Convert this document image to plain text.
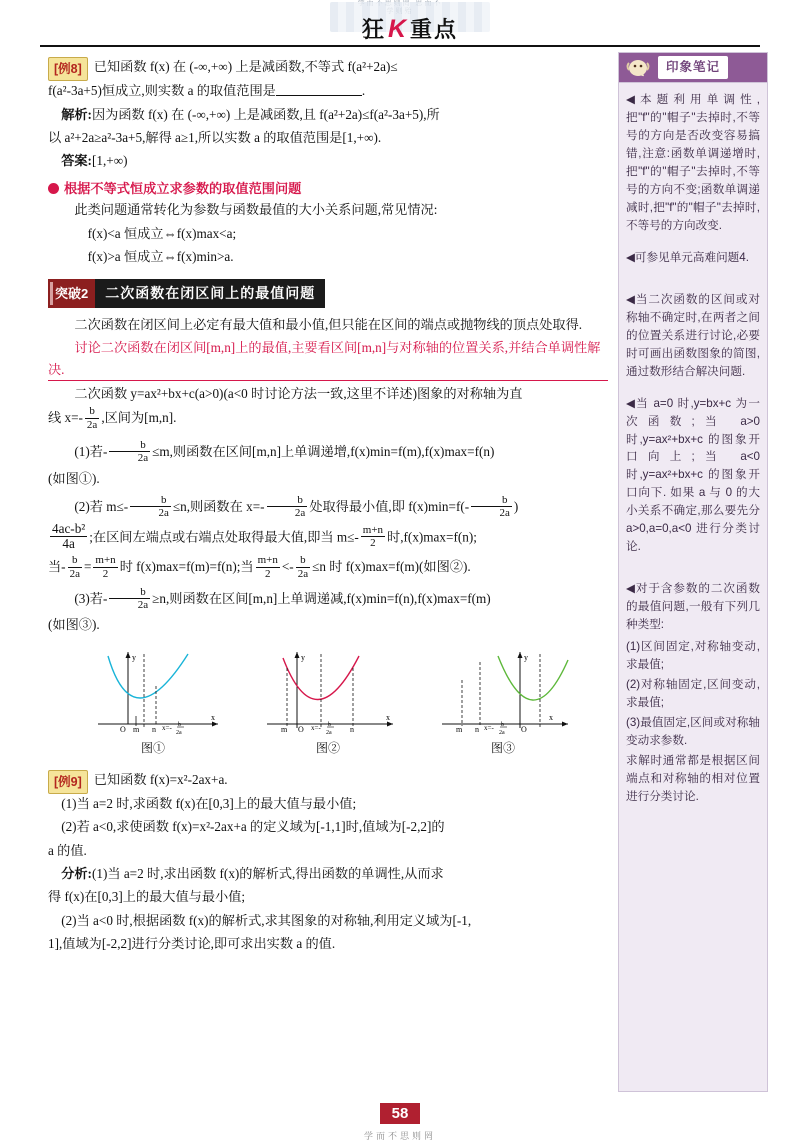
狂K重点
[例8] 已知函数 f(x) 在 (-∞,+∞) 上是减函数,不等式 f(a²+2a)≤

f(a²-3a+5)恒成立,则实数 a 的取值范围是	.

解析:因为函数 f(x) 在 (-∞,+∞) 上是减函数,且 f(a²+2a)≤f(a²-3a+5),所

以 a²+2a≥a²-3a+5,解得 a≥1,所以实数 a 的取值范围是[1,+∞).

答案:[1,+∞)

根据不等式恒成立求参数的取值范围问题

此类问题通常转化为参数与函数最值的大小关系问题,常见情况:

f(x)<a 恒成立⇔f(x)max<a;

f(x)>a 恒成立⇔f(x)min>a.

突破2	二次函数在闭区间上的最值问题

二次函数在闭区间上必定有最大值和最小值,但只能在区间的端点或抛物线的顶点处取得.

讨论二次函数在闭区间[m,n]上的最值,主要看区间[m,n]与对称轴的位置关系,并结合单调性解决.

二次函数 y=ax²+bx+c(a>0)(a<0 时讨论方法一致,这里不详述)图象的对称轴为直

线 $x=- \frac{b}{2a}$ ,区间为[m,n].

(1)若- $\frac{b}{2a} \le m$,则函数在区间[m,n]上单调递增,f(x)min=f(m),f(x)max=f(n)

(如图①).

(2)若 $m\le- \frac{b}{2a} \le n$,则函数在 $x=- \frac{b}{2a}$ 处取得最小值,即 $f(x)\min=f(- \frac{b}{2a}$ )

$\frac{\text{4ac-b²}}{4a}$ ;在区间左端点或右端点处取得最大值,即当 $m\le- \frac{m+n}{2}$ 时,f(x)max=f(n);

当- $\frac{b}{2a} = \frac{m+n}{2}$ 时 f(x)max=f(m)=f(n);当 $\frac{m+n}{2} <- \frac{b}{2a} \le n$ 时 f(x)max=f(m)(如图②).

(3)若- $\frac{b}{2a} \ge n$,则函数在区间[m,n]上单调递减,f(x)min=f(n),f(x)max=f(m)

(如图③).

O m n
y
x
x=- b
2a
图①
m O	n
y
x
x=- b
2a
图②
m n	O
y
x
x=- b
2a
图③
[例9] 已知函数 f(x)=x²-2ax+a.

(1)当 a=2 时,求函数 f(x)在[0,3]上的最大值与最小值;

(2)若 a<0,求使函数 f(x)=x²-2ax+a 的定义域为[-1,1]时,值域为[-2,2]的

a 的值.

分析:(1)当 a=2 时,求出函数 f(x)的解析式,得出函数的单调性,从而求

得 f(x)在[0,3]上的最大值与最小值;

(2)当 a<0 时,根据函数 f(x)的解析式,求其图象的对称轴,利用定义域为[-1,

1],值域为[-2,2]进行分类讨论,即可求出实数 a 的值.

印象笔记
◀本题利用单调性,把"f"的"帽子"去掉时,不等号的方向是否改变容易搞错,注意:函数单调递增时,把"f"的"帽子"去掉时,不等号的方向不变;函数单调递减时,把"f"的"帽子"去掉时,不等号的方向改变.
◀可参见单元高难问题4.
◀当二次函数的区间或对称轴不确定时,在两者之间的位置关系进行讨论,必要时可画出函数图象的简图,通过数形结合解决问题.
◀当 a=0 时,y=bx+c 为一次函数;当 a>0 时,y=ax²+bx+c 的图象开口向上;当 a<0 时,y=ax²+bx+c 的图象开口向下. 如果 a 与 0 的大小关系不确定,那么要先分 a>0,a=0,a<0 进行分类讨论.
◀对于含参数的二次函数的最值问题,一般有下列几种类型:
(1)区间固定,对称轴变动,求最值;
(2)对称轴固定,区间变动,求最值;
(3)最值固定,区间或对称轴变动求参数.
求解时通常都是根据区间端点和对称轴的相对位置进行分类讨论.
58
学而不思则罔
